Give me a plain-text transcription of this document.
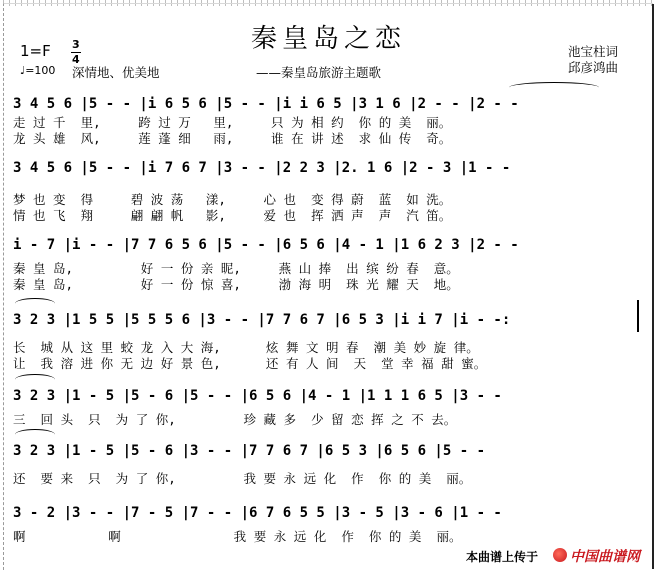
秦皇岛之恋
——秦皇岛旅游主题歌
1=F 3
4
♩=100 深情地、优美地
池宝柱词
邱彦鸿曲
3 4 5 6 |5 - - |i 6 5 6 |5 - - |i i 6 5 |3 1 6 |2 - - |2 - -
走 过 千  里,     跨 过 万   里,     只 为 相 约  你 的 美  丽。
龙 头 雄  风,     莲 蓬 细   雨,     谁 在 讲 述  求 仙 传  奇。
3 4 5 6 |5 - - |i 7 6 7 |3 - - |2 2 3 |2. 1 6 |2 - 3 |1 - -
梦 也 变  得     碧 波 荡   漾,     心 也  变 得 蔚  蓝  如 洗。
情 也 飞  翔     翩 翩 帆   影,     爱 也  挥 洒 声  声  汽 笛。
i - 7 |i - - |7 7 6 5 6 |5 - - |6 5 6 |4 - 1 |1 6 2 3 |2 - -
秦 皇 岛,         好 一 份 亲 昵,     燕 山 捧  出 缤 纷 春  意。
秦 皇 岛,         好 一 份 惊 喜,     渤 海 明  珠 光 耀 天  地。
3 2 3 |1 5 5 |5 5 5 6 |3 - - |7 7 6 7 |6 5 3 |i i 7 |i - -:
长  城 从 这 里 蛟 龙 入 大 海,      炫 舞 文 明 春  潮 美 妙 旋 律。
让  我 溶 进 你 无 边 好 景 色,      还 有 人 间  天  堂 幸 福 甜 蜜。
3 2 3 |1 - 5 |5 - 6 |5 - - |6 5 6 |4 - 1 |1 1 1 6 5 |3 - -
三  回 头  只  为 了 你,         珍 藏 多  少 留 恋 挥 之 不 去。
3 2 3 |1 - 5 |5 - 6 |3 - - |7 7 6 7 |6 5 3 |6 5 6 |5 - -
还  要 来  只  为 了 你,         我 要 永 远 化  作  你 的 美  丽。
3 - 2 |3 - - |7 - 5 |7 - - |6 7 6 5 5 |3 - 5 |3 - 6 |1 - -
啊           啊               我 要 永 远 化  作  你 的 美  丽。
本曲谱上传于 中国曲谱网
